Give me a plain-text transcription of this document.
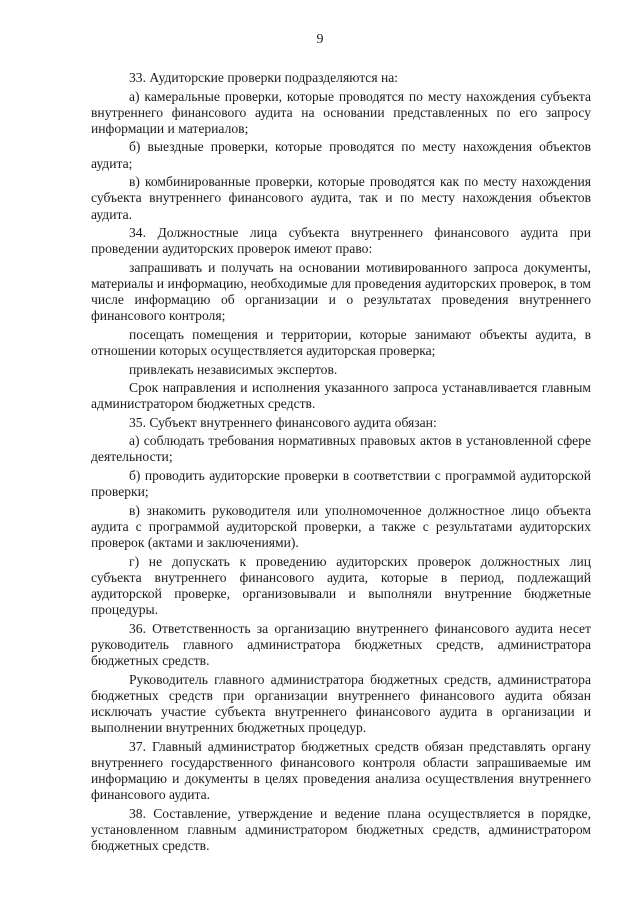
9

33. Аудиторские проверки подразделяются на:

а) камеральные проверки, которые проводятся по месту нахождения субъекта внутреннего финансового аудита на основании представленных по его запросу информации и материалов;

б) выездные проверки, которые проводятся по месту нахождения объектов аудита;

в) комбинированные проверки, которые проводятся как по месту нахождения субъекта внутреннего финансового аудита, так и по месту нахождения объектов аудита.

34. Должностные лица субъекта внутреннего финансового аудита при проведении аудиторских проверок имеют право:

запрашивать и получать на основании мотивированного запроса документы, материалы и информацию, необходимые для проведения аудиторских проверок, в том числе информацию об организации и о результатах проведения внутреннего финансового контроля;

посещать помещения и территории, которые занимают объекты аудита, в отношении которых осуществляется аудиторская проверка;

привлекать независимых экспертов.

Срок направления и исполнения указанного запроса устанавливается главным администратором бюджетных средств.

35. Субъект внутреннего финансового аудита обязан:

а) соблюдать требования нормативных правовых актов в установленной сфере деятельности;

б) проводить аудиторские проверки в соответствии с программой аудиторской проверки;

в) знакомить руководителя или уполномоченное должностное лицо объекта аудита с программой аудиторской проверки, а также с результатами аудиторских проверок (актами и заключениями).

г) не допускать к проведению аудиторских проверок должностных лиц субъекта внутреннего финансового аудита, которые в период, подлежащий аудиторской проверке, организовывали и выполняли внутренние бюджетные процедуры.

36. Ответственность за организацию внутреннего финансового аудита несет руководитель главного администратора бюджетных средств, администратора бюджетных средств.

Руководитель главного администратора бюджетных средств, администратора бюджетных средств при организации внутреннего финансового аудита обязан исключать участие субъекта внутреннего финансового аудита в организации и выполнении внутренних бюджетных процедур.

37. Главный администратор бюджетных средств обязан представлять органу внутреннего государственного финансового контроля области запрашиваемые им информацию и документы в целях проведения анализа осуществления внутреннего финансового аудита.

38. Составление, утверждение и ведение плана осуществляется в порядке, установленном главным администратором бюджетных средств, администратором бюджетных средств.
